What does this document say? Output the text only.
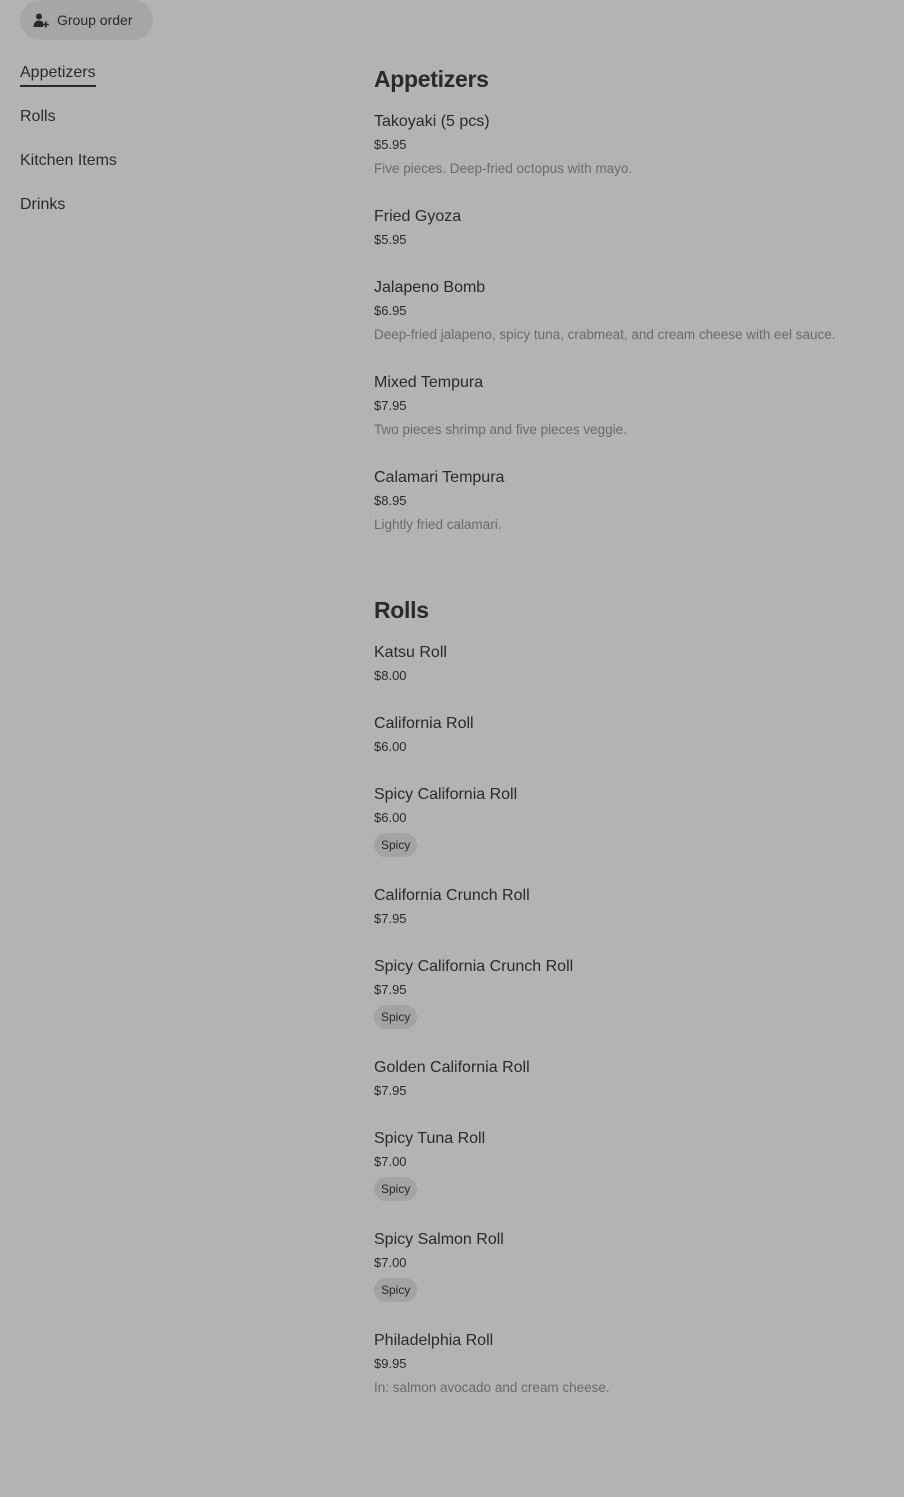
Group order
Appetizers
Rolls
Kitchen Items
Drinks
Appetizers
Takoyaki (5 pcs)
$5.95
Five pieces. Deep-fried octopus with mayo.
Fried Gyoza
$5.95
Jalapeno Bomb
$6.95
Deep-fried jalapeno, spicy tuna, crabmeat, and cream cheese with eel sauce.
Mixed Tempura
$7.95
Two pieces shrimp and five pieces veggie.
Calamari Tempura
$8.95
Lightly fried calamari.
Rolls
Katsu Roll
$8.00
California Roll
$6.00
Spicy California Roll
$6.00
Spicy
California Crunch Roll
$7.95
Spicy California Crunch Roll
$7.95
Spicy
Golden California Roll
$7.95
Spicy Tuna Roll
$7.00
Spicy
Spicy Salmon Roll
$7.00
Spicy
Philadelphia Roll
$9.95
In: salmon avocado and cream cheese.
